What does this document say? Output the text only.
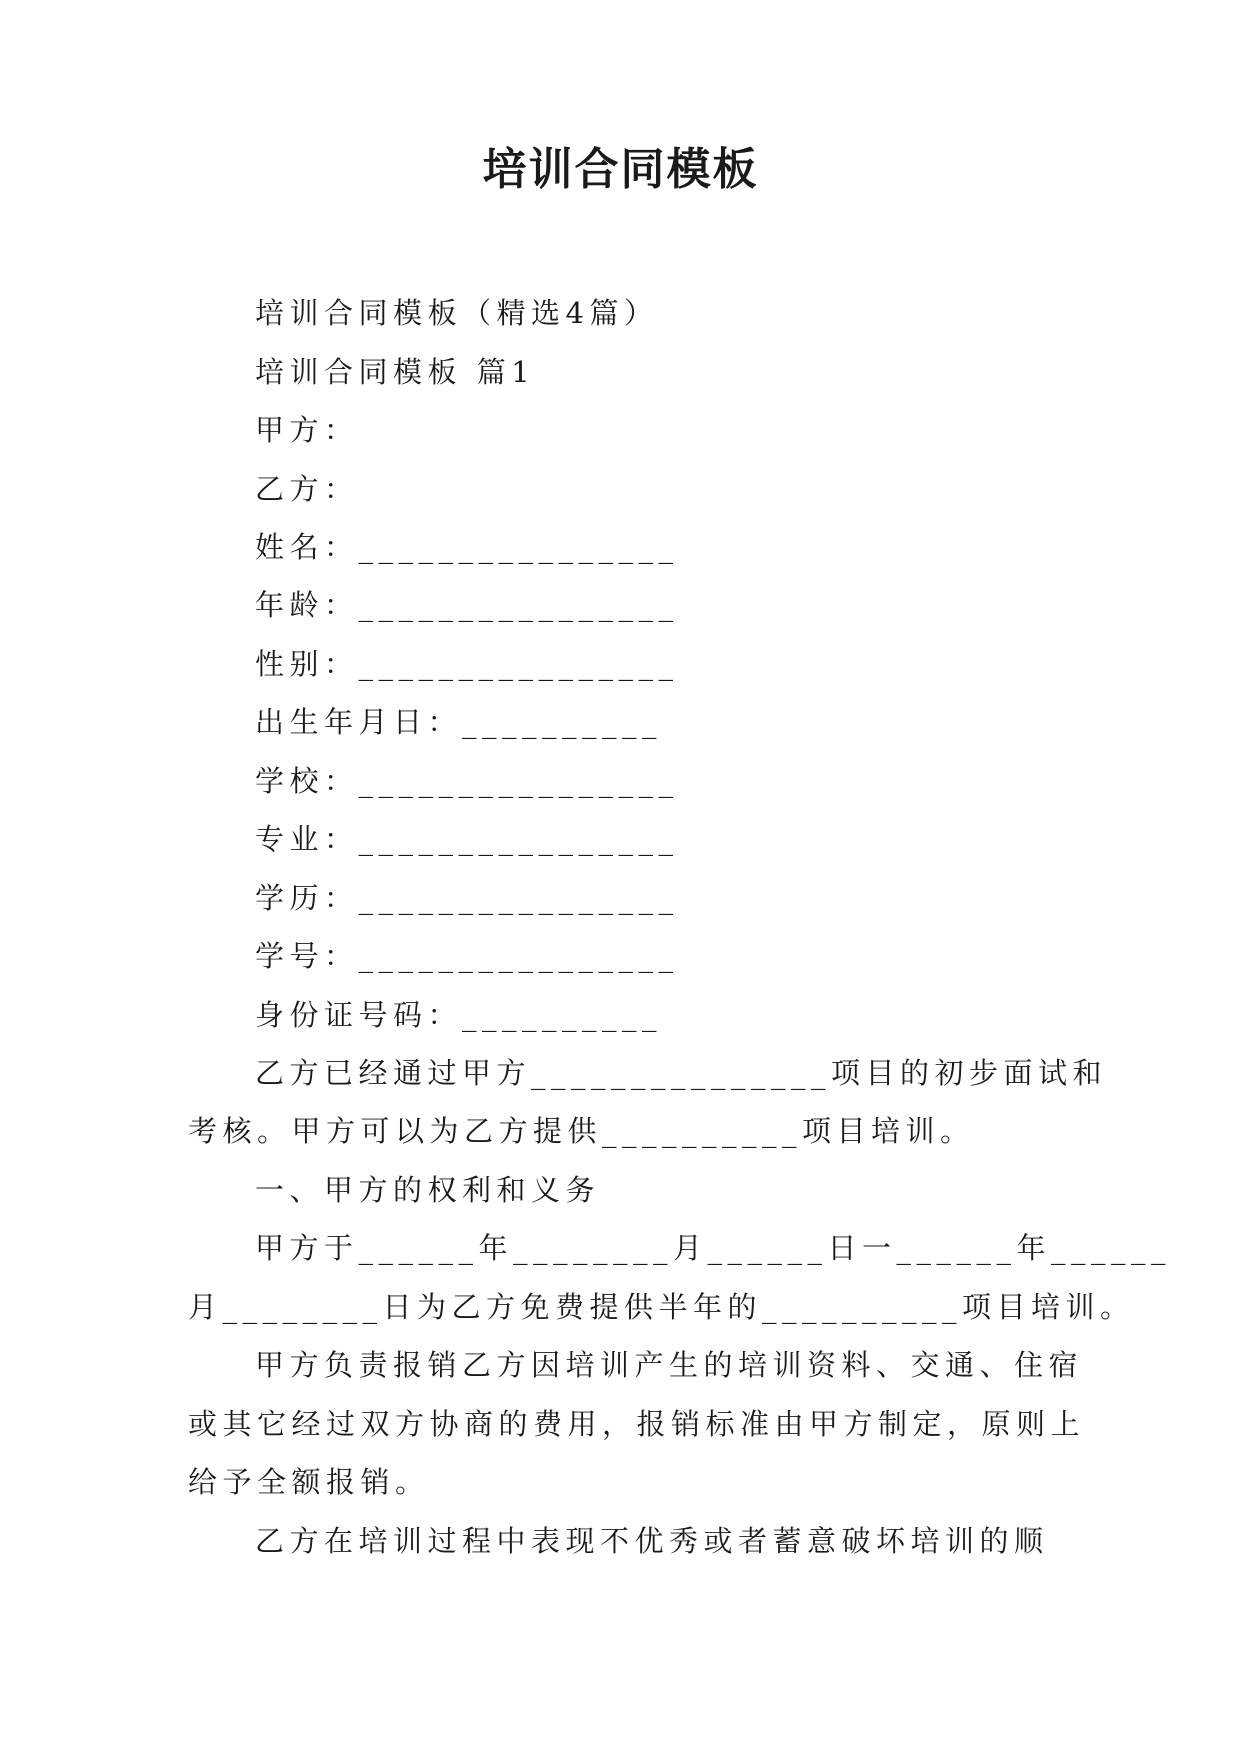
培训合同模板
培训合同模板（精选4篇）
培训合同模板 篇1
甲方：
乙方：
姓名：________________
年龄：________________
性别：________________
出生年月日：__________
学校：________________
专业：________________
学历：________________
学号：________________
身份证号码：__________
乙方已经通过甲方_______________项目的初步面试和
考核。甲方可以为乙方提供__________项目培训。
一、甲方的权利和义务
甲方于______年________月______日一______年______
月________日为乙方免费提供半年的__________项目培训。
甲方负责报销乙方因培训产生的培训资料、交通、住宿
或其它经过双方协商的费用，报销标准由甲方制定，原则上
给予全额报销。
乙方在培训过程中表现不优秀或者蓄意破坏培训的顺
